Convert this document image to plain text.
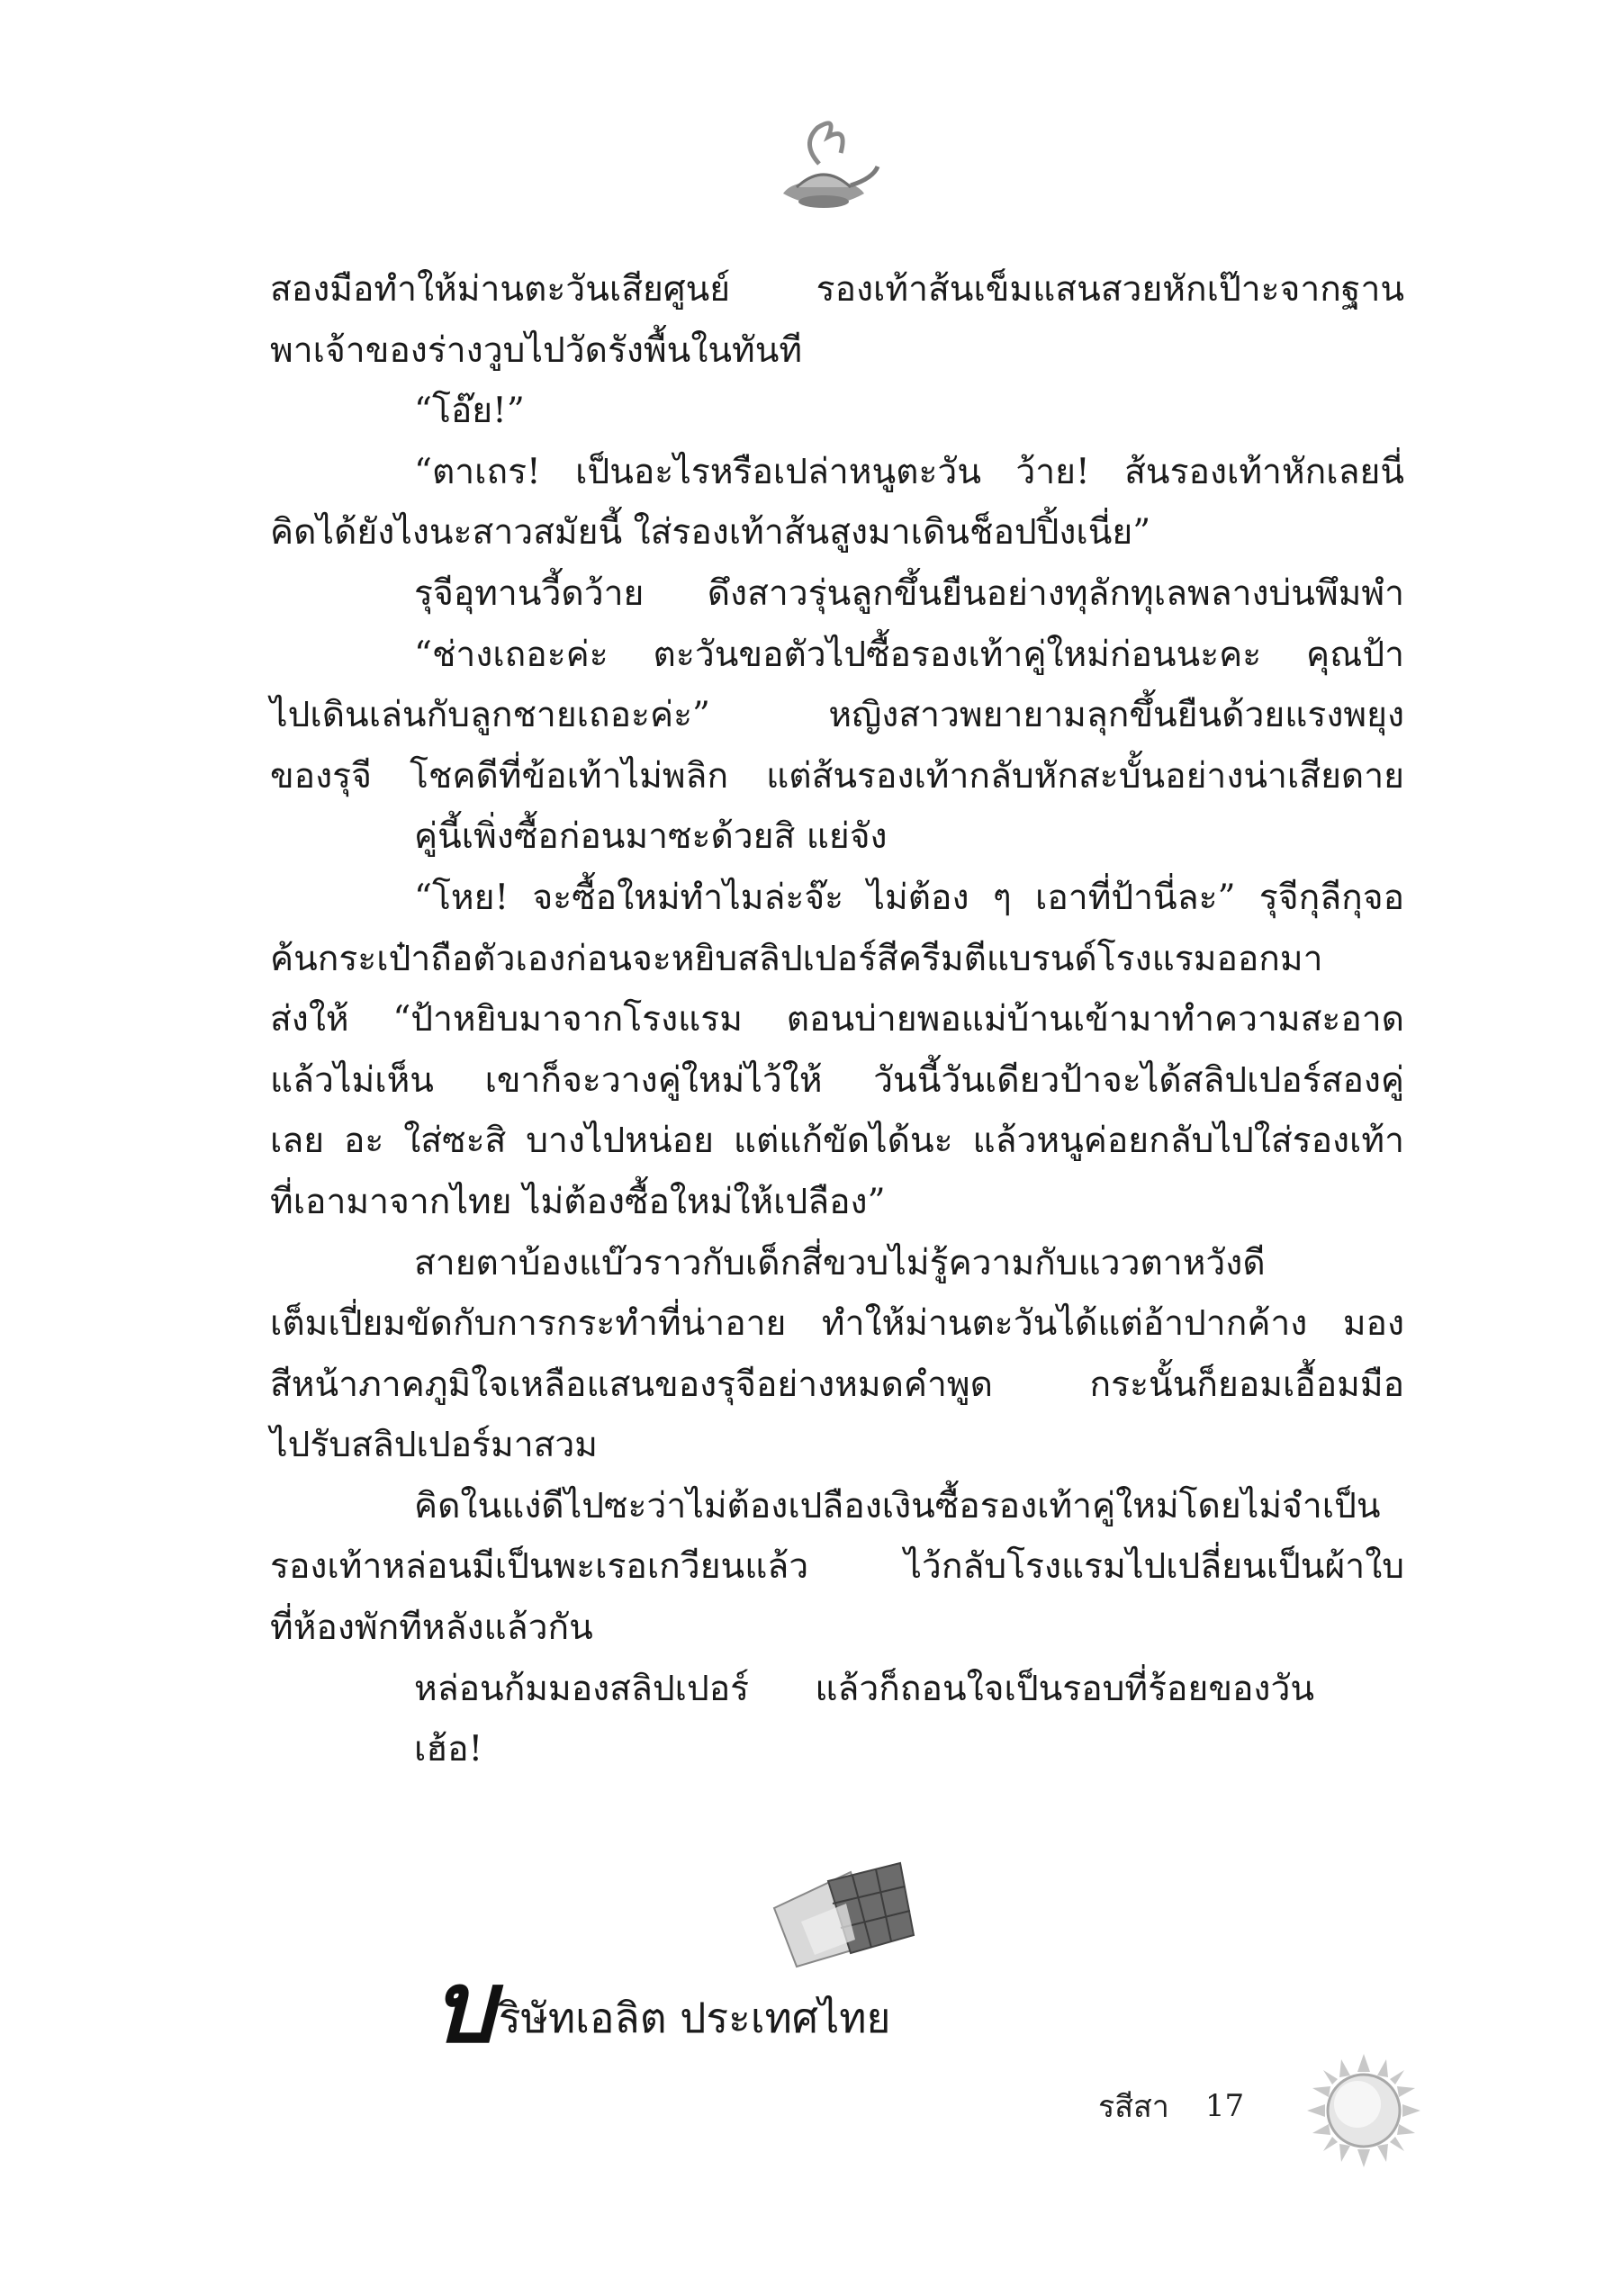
สองมือทำให้ม่านตะวันเสียศูนย์ รองเท้าส้นเข็มแสนสวยหักเป๊าะจากฐาน
พาเจ้าของร่างวูบไปวัดรังพื้นในทันที
“โอ๊ย!”
“ตาเถร! เป็นอะไรหรือเปล่าหนูตะวัน ว้าย! ส้นรองเท้าหักเลยนี่
คิดได้ยังไงนะสาวสมัยนี้ ใส่รองเท้าส้นสูงมาเดินช็อปปิ้งเนี่ย”
รุจีอุทานวี้ดว้าย ดึงสาวรุ่นลูกขึ้นยืนอย่างทุลักทุเลพลางบ่นพึมพำ
“ช่างเถอะค่ะ ตะวันขอตัวไปซื้อรองเท้าคู่ใหม่ก่อนนะคะ คุณป้า
ไปเดินเล่นกับลูกชายเถอะค่ะ” หญิงสาวพยายามลุกขึ้นยืนด้วยแรงพยุง
ของรุจี โชคดีที่ข้อเท้าไม่พลิก แต่ส้นรองเท้ากลับหักสะบั้นอย่างน่าเสียดาย
คู่นี้เพิ่งซื้อก่อนมาซะด้วยสิ แย่จัง
“โหย! จะซื้อใหม่ทำไมล่ะจ๊ะ ไม่ต้อง ๆ เอาที่ป้านี่ละ” รุจีกุลีกุจอ
ค้นกระเป๋าถือตัวเองก่อนจะหยิบสลิปเปอร์สีครีมตีแบรนด์โรงแรมออกมา
ส่งให้ “ป้าหยิบมาจากโรงแรม ตอนบ่ายพอแม่บ้านเข้ามาทำความสะอาด
แล้วไม่เห็น เขาก็จะวางคู่ใหม่ไว้ให้ วันนี้วันเดียวป้าจะได้สลิปเปอร์สองคู่
เลย อะ ใส่ซะสิ บางไปหน่อย แต่แก้ขัดได้นะ แล้วหนูค่อยกลับไปใส่รองเท้า
ที่เอามาจากไทย ไม่ต้องซื้อใหม่ให้เปลือง”
สายตาบ้องแบ๊วราวกับเด็กสี่ขวบไม่รู้ความกับแววตาหวังดี
เต็มเปี่ยมขัดกับการกระทำที่น่าอาย ทำให้ม่านตะวันได้แต่อ้าปากค้าง มอง
สีหน้าภาคภูมิใจเหลือแสนของรุจีอย่างหมดคำพูด กระนั้นก็ยอมเอื้อมมือ
ไปรับสลิปเปอร์มาสวม
คิดในแง่ดีไปซะว่าไม่ต้องเปลืองเงินซื้อรองเท้าคู่ใหม่โดยไม่จำเป็น
รองเท้าหล่อนมีเป็นพะเรอเกวียนแล้ว ไว้กลับโรงแรมไปเปลี่ยนเป็นผ้าใบ
ที่ห้องพักทีหลังแล้วกัน
หล่อนก้มมองสลิปเปอร์ แล้วก็ถอนใจเป็นรอบที่ร้อยของวัน
เฮ้อ!
บ ริษัทเอลิต ประเทศไทย
รสีสา 17
